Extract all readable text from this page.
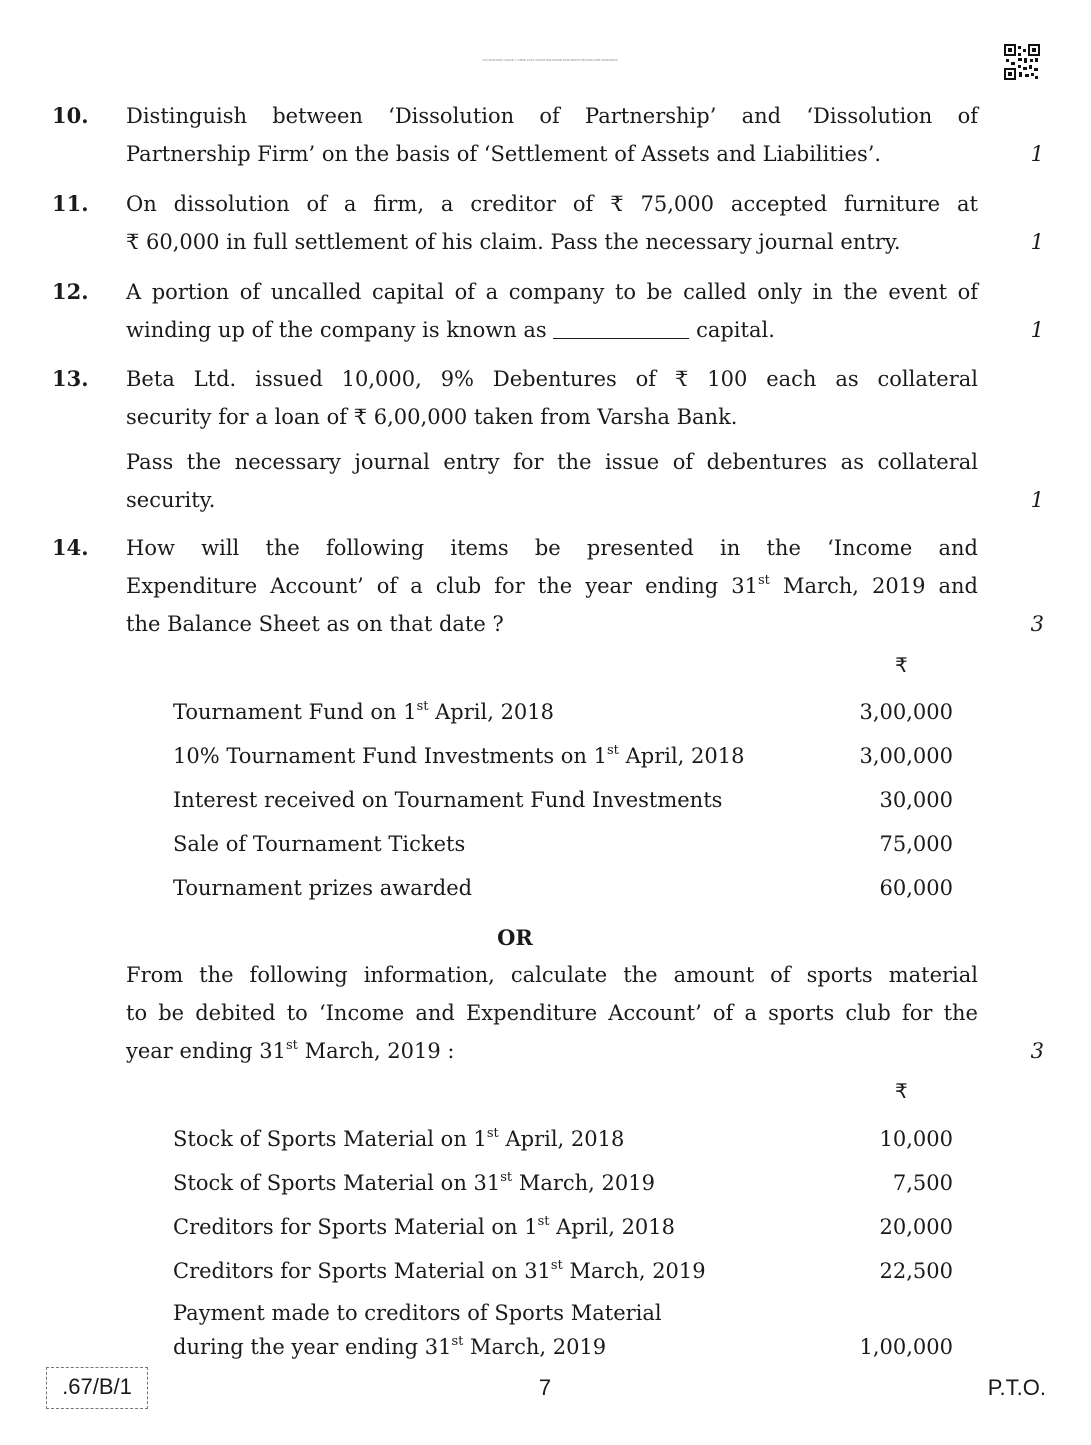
ACCOUNTANCY-PAGE-7-CBSE-2019-QUESTION-PAPER-FINE-PRINT-HEADER-LINE-MARKINGS
10.	Distinguish between ‘Dissolution of Partnership’ and ‘Dissolution of
Partnership Firm’ on the basis of ‘Settlement of Assets and Liabilities’.	1
11.	On dissolution of a firm, a creditor of ₹ 75,000 accepted furniture at
₹ 60,000 in full settlement of his claim. Pass the necessary journal entry.	1
12.	A portion of uncalled capital of a company to be called only in the event of
winding up of the company is known as	capital.	1
13.	Beta Ltd. issued 10,000, 9% Debentures of ₹ 100 each as collateral
security for a loan of ₹ 6,00,000 taken from Varsha Bank.
Pass the necessary journal entry for the issue of debentures as collateral
security.	1
14.	How will the following items be presented in the ‘Income and
Expenditure Account’ of a club for the year ending 31st March, 2019 and
the Balance Sheet as on that date ?	3
₹
Tournament Fund on 1st April, 2018	3,00,000
10% Tournament Fund Investments on 1st April, 2018	3,00,000
Interest received on Tournament Fund Investments	30,000
Sale of Tournament Tickets	75,000
Tournament prizes awarded	60,000
OR
From the following information, calculate the amount of sports material
to be debited to ‘Income and Expenditure Account’ of a sports club for the
year ending 31st March, 2019 :	3
₹
Stock of Sports Material on 1st April, 2018	10,000
Stock of Sports Material on 31st March, 2019	7,500
Creditors for Sports Material on 1st April, 2018	20,000
Creditors for Sports Material on 31st March, 2019	22,500
Payment made to creditors of Sports Material
during the year ending 31st March, 2019	1,00,000
.67/B/1	7	P.T.O.
